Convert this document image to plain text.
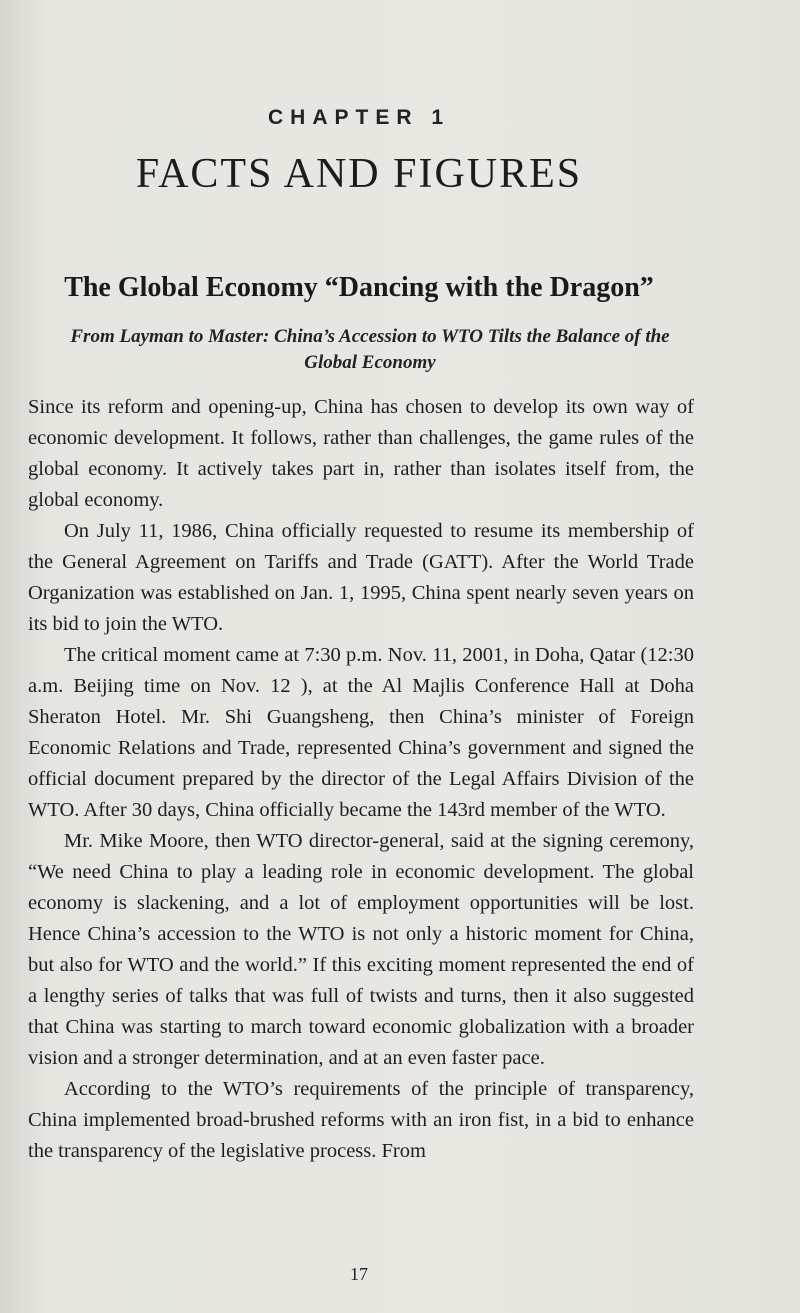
CHAPTER 1
FACTS AND FIGURES
The Global Economy “Dancing with the Dragon”
From Layman to Master: China’s Accession to WTO Tilts the Balance of the Global Economy

Since its reform and opening-up, China has chosen to develop its own way of economic development. It follows, rather than challenges, the game rules of the global economy. It actively takes part in, rather than isolates itself from, the global economy.

On July 11, 1986, China officially requested to resume its membership of the General Agreement on Tariffs and Trade (GATT). After the World Trade Organization was established on Jan. 1, 1995, China spent nearly seven years on its bid to join the WTO.

The critical moment came at 7:30 p.m. Nov. 11, 2001, in Doha, Qatar (12:30 a.m. Beijing time on Nov. 12 ), at the Al Majlis Conference Hall at Doha Sheraton Hotel. Mr. Shi Guangsheng, then China’s minister of Foreign Economic Relations and Trade, represented China’s government and signed the official document prepared by the director of the Legal Affairs Division of the WTO. After 30 days, China officially became the 143rd member of the WTO.

Mr. Mike Moore, then WTO director-general, said at the signing ceremony, “We need China to play a leading role in economic development. The global economy is slackening, and a lot of employment opportunities will be lost. Hence China’s accession to the WTO is not only a historic moment for China, but also for WTO and the world.” If this exciting moment represented the end of a lengthy series of talks that was full of twists and turns, then it also suggested that China was starting to march toward economic globalization with a broader vision and a stronger determination, and at an even faster pace.

According to the WTO’s requirements of the principle of transparency, China implemented broad-brushed reforms with an iron fist, in a bid to enhance the transparency of the legislative process. From

17
